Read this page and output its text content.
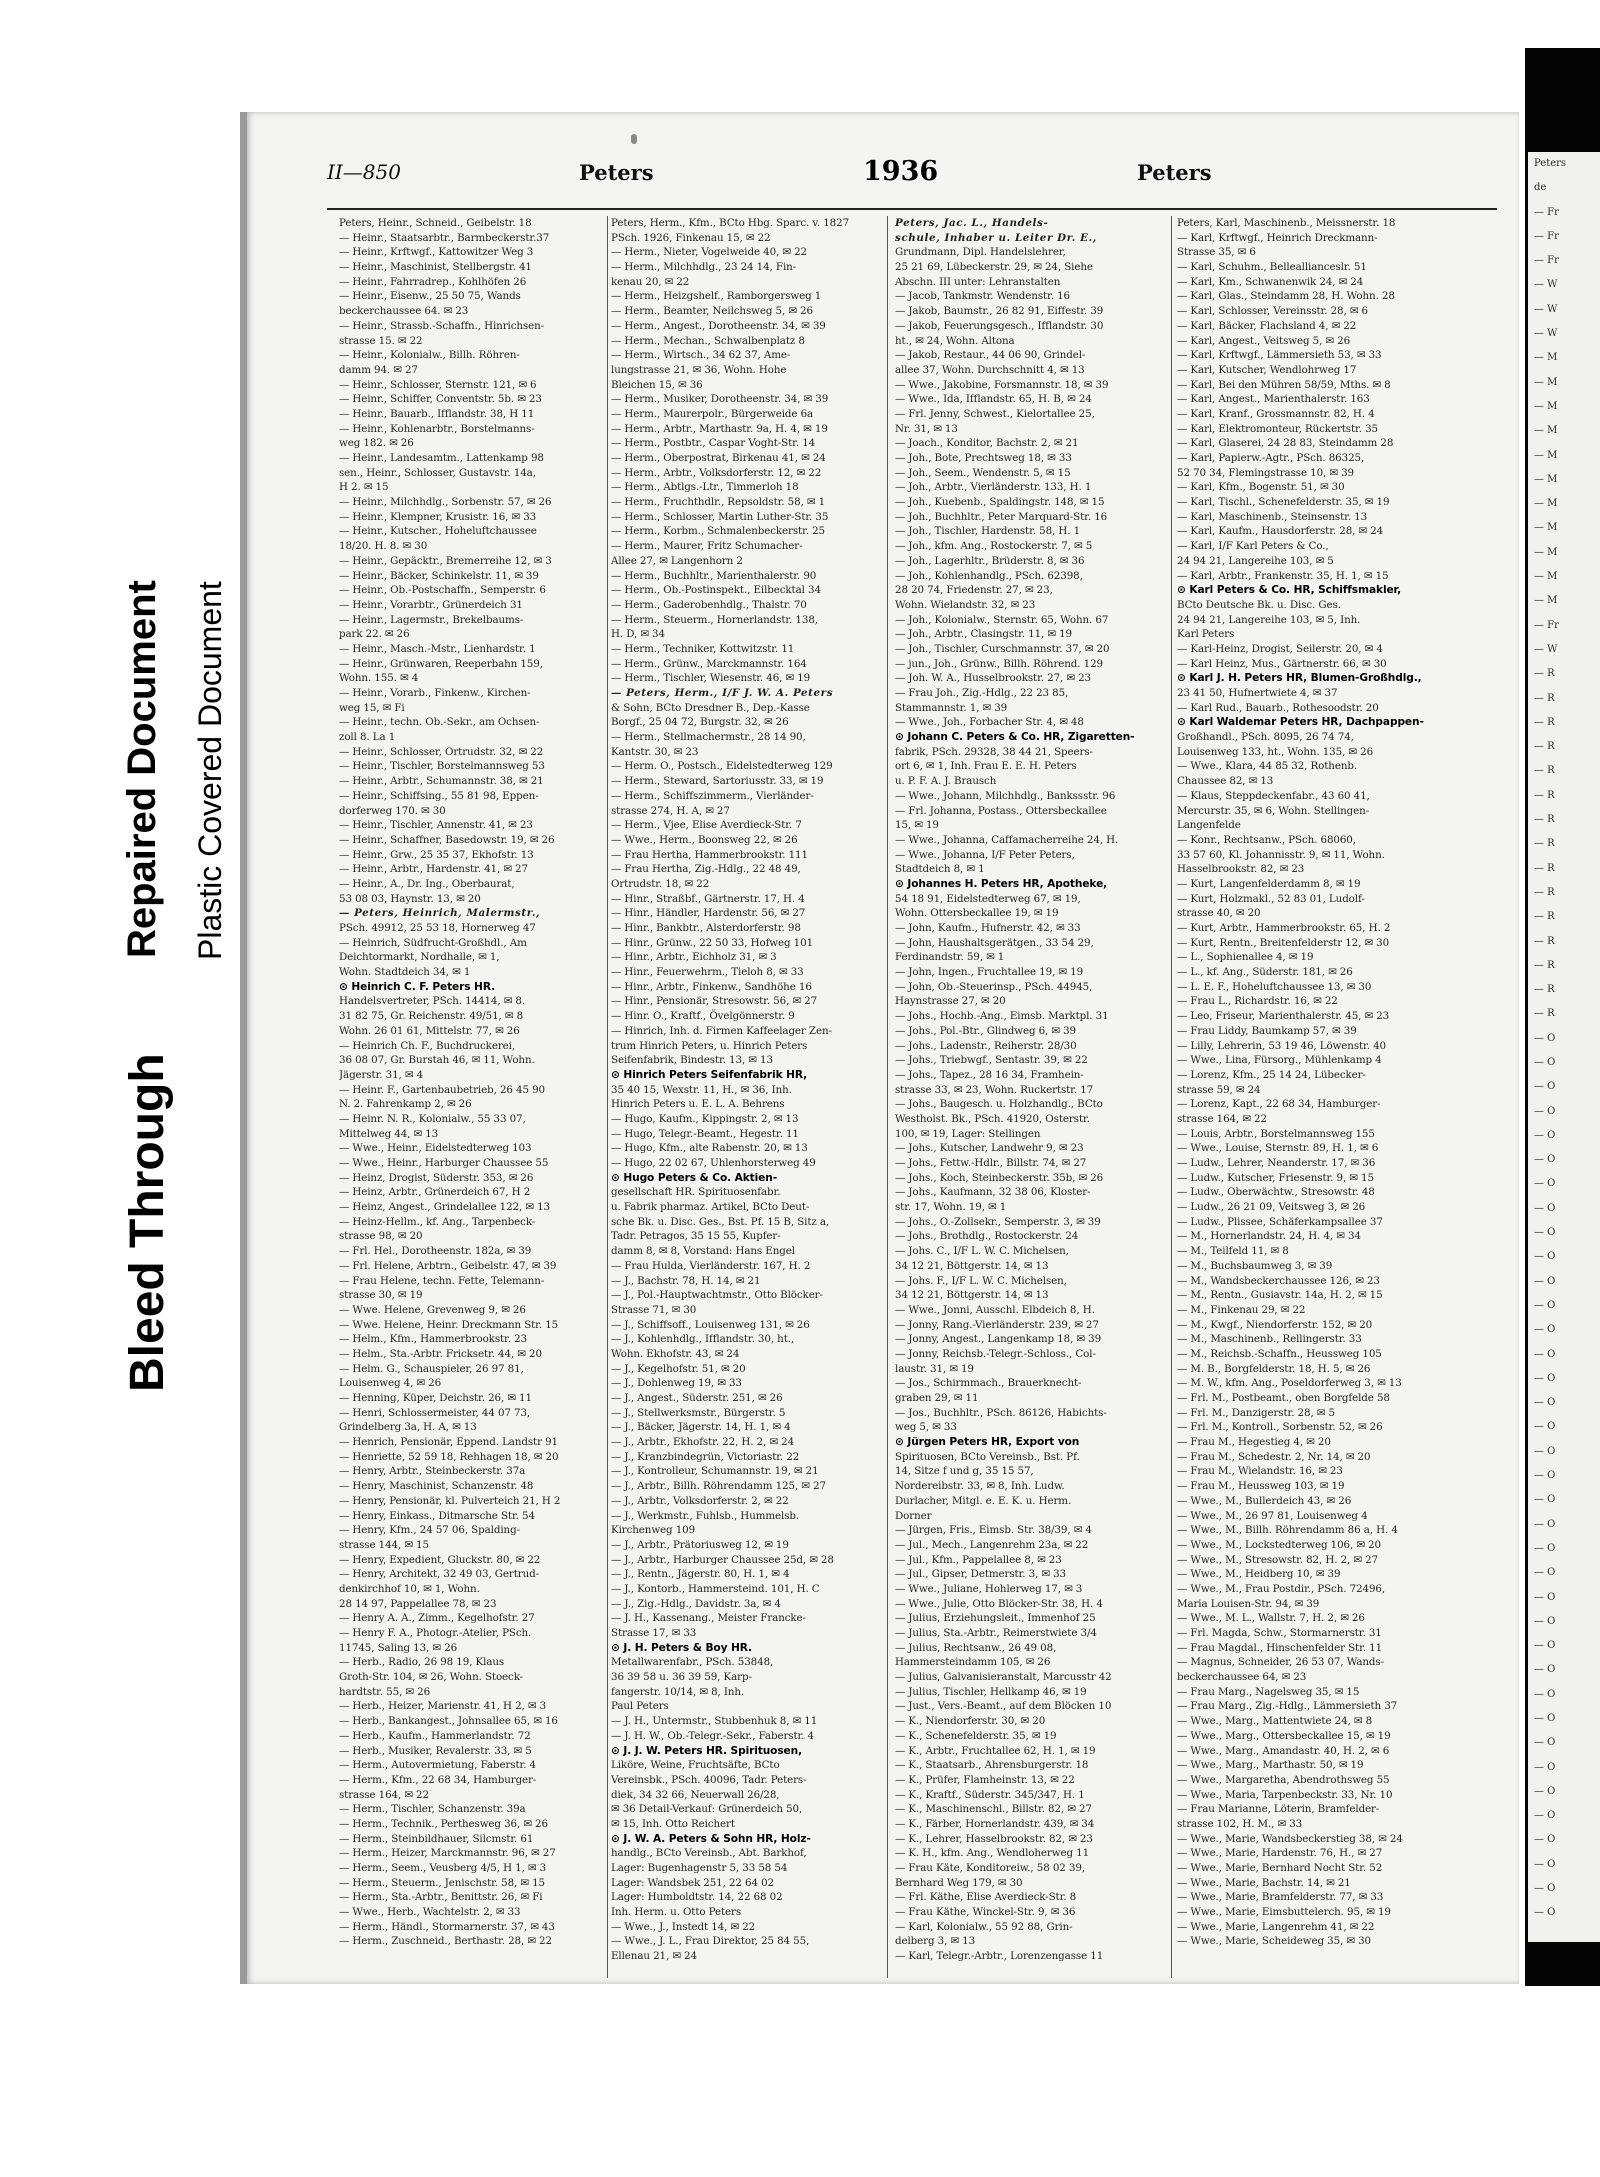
Bleed Through
Repaired Document Plastic Covered Document
II—850	Peters	1936	Peters
Peters, Heinr., Schneid., Geibelstr. 18
— Heinr., Staatsarbtr., Barmbeckerstr.37
— Heinr., Krftwgf., Kattowitzer Weg 3
— Heinr., Maschinist, Stellbergstr. 41
— Heinr., Fahrradrep., Kohlhöfen 26
— Heinr., Eisenw., 25 50 75, Wands
beckerchaussee 64. ✉ 23
— Heinr., Strassb.-Schaffn., Hinrichsen-
strasse 15. ✉ 22
— Heinr., Kolonialw., Billh. Röhren-
damm 94. ✉ 27
— Heinr., Schlosser, Sternstr. 121, ✉ 6
— Heinr., Schiffer, Conventstr. 5b. ✉ 23
— Heinr., Bauarb., Ifflandstr. 38, H 11
— Heinr., Kohlenarbtr., Borstelmanns-
weg 182. ✉ 26
— Heinr., Landesamtm., Lattenkamp 98
sen., Heinr., Schlosser, Gustavstr. 14a,
H 2. ✉ 15
— Heinr., Milchhdlg., Sorbenstr. 57, ✉ 26
— Heinr., Klempner, Krusistr. 16, ✉ 33
— Heinr., Kutscher., Hoheluftchaussee
18/20. H. 8. ✉ 30
— Heinr., Gepäcktr., Bremerreihe 12, ✉ 3
— Heinr., Bäcker, Schinkelstr. 11, ✉ 39
— Heinr., Ob.-Postschaffn., Semperstr. 6
— Heinr., Vorarbtr., Grünerdeich 31
— Heinr., Lagermstr., Brekelbaums-
park 22. ✉ 26
— Heinr., Masch.-Mstr., Lienhardstr. 1
— Heinr., Grünwaren, Reeperbahn 159,
Wohn. 155. ✉ 4
— Heinr., Vorarb., Finkenw., Kirchen-
weg 15, ✉ Fi
— Heinr., techn. Ob.-Sekr., am Ochsen-
zoll 8. La 1
— Heinr., Schlosser, Ortrudstr. 32, ✉ 22
— Heinr., Tischler, Borstelmannsweg 53
— Heinr., Arbtr., Schumannstr. 38, ✉ 21
— Heinr., Schiffsing., 55 81 98, Eppen-
dorferweg 170. ✉ 30
— Heinr., Tischler, Annenstr. 41, ✉ 23
— Heinr., Schaffner, Basedowstr. 19, ✉ 26
— Heinr., Grw., 25 35 37, Ekhofstr. 13
— Heinr., Arbtr., Hardenstr. 41, ✉ 27
— Heinr., A., Dr. Ing., Oberbaurat,
53 08 03, Haynstr. 13, ✉ 20
— Peters, Heinrich, Malermstr.,
PSch. 49912, 25 53 18, Hornerweg 47
— Heinrich, Südfrucht-Großhdl., Am
Deichtormarkt, Nordhalle, ✉ 1,
Wohn. Stadtdeich 34, ✉ 1
⊙ Heinrich C. F. Peters HR.
Handelsvertreter, PSch. 14414, ✉ 8.
31 82 75, Gr. Reichenstr. 49/51, ✉ 8
Wohn. 26 01 61, Mittelstr. 77, ✉ 26
— Heinrich Ch. F., Buchdruckerei,
36 08 07, Gr. Burstah 46, ✉ 11, Wohn.
Jägerstr. 31, ✉ 4
— Heinr. F., Gartenbaubetrieb, 26 45 90
N. 2. Fahrenkamp 2, ✉ 26
— Heinr. N. R., Kolonialw., 55 33 07,
Mittelweg 44, ✉ 13
— Wwe., Heinr., Eidelstedterweg 103
— Wwe., Heinr., Harburger Chaussee 55
— Heinz, Drogist, Süderstr. 353, ✉ 26
— Heinz, Arbtr., Grünerdeich 67, H 2
— Heinz, Angest., Grindelallee 122, ✉ 13
— Heinz-Hellm., kf. Ang., Tarpenbeck-
strasse 98, ✉ 20
— Frl. Hel., Dorotheenstr. 182a, ✉ 39
— Frl. Helene, Arbtrn., Geibelstr. 47, ✉ 39
— Frau Helene, techn. Fette, Telemann-
strasse 30, ✉ 19
— Wwe. Helene, Grevenweg 9, ✉ 26
— Wwe. Helene, Heinr. Dreckmann Str. 15
— Helm., Kfm., Hammerbrookstr. 23
— Helm., Sta.-Arbtr. Fricksetr. 44, ✉ 20
— Helm. G., Schauspieler, 26 97 81,
Louisenweg 4, ✉ 26
— Henning, Küper, Deichstr. 26, ✉ 11
— Henri, Schlossermeister, 44 07 73,
Grindelberg 3a, H. A, ✉ 13
— Henrich, Pensionär, Eppend. Landstr 91
— Henriette, 52 59 18, Rehhagen 18, ✉ 20
— Henry, Arbtr., Steinbeckerstr. 37a
— Henry, Maschinist, Schanzenstr. 48
— Henry, Pensionär, kl. Pulverteich 21, H 2
— Henry, Einkass., Ditmarsche Str. 54
— Henry, Kfm., 24 57 06, Spalding-
strasse 144, ✉ 15
— Henry, Expedient, Gluckstr. 80, ✉ 22
— Henry, Architekt, 32 49 03, Gertrud-
denkirchhof 10, ✉ 1, Wohn.
28 14 97, Pappelallee 78, ✉ 23
— Henry A. A., Zimm., Kegelhofstr. 27
— Henry F. A., Photogr.-Atelier, PSch.
11745, Saling 13, ✉ 26
— Herb., Radio, 26 98 19, Klaus
Groth-Str. 104, ✉ 26, Wohn. Stoeck-
hardtstr. 55, ✉ 26
— Herb., Heizer, Marienstr. 41, H 2, ✉ 3
— Herb., Bankangest., Johnsallee 65, ✉ 16
— Herb., Kaufm., Hammerlandstr. 72
— Herb., Musiker, Revalerstr. 33, ✉ 5
— Herm., Autovermietung, Faberstr. 4
— Herm., Kfm., 22 68 34, Hamburger-
strasse 164, ✉ 22
— Herm., Tischler, Schanzenstr. 39a
— Herm., Technik., Perthesweg 36, ✉ 26
— Herm., Steinbildhauer, Silcmstr. 61
— Herm., Heizer, Marckmannstr. 96, ✉ 27
— Herm., Seem., Veusberg 4/5, H 1, ✉ 3
— Herm., Steuerm., Jenischstr. 58, ✉ 15
— Herm., Sta.-Arbtr., Benittstr. 26, ✉ Fi
— Wwe., Herb., Wachtelstr. 2, ✉ 33
— Herm., Händl., Stormarnerstr. 37, ✉ 43
— Herm., Zuschneid., Berthastr. 28, ✉ 22
Peters, Herm., Kfm., BCto Hbg. Sparc. v. 1827
PSch. 1926, Finkenau 15, ✉ 22
— Herm., Nieter, Vogelweide 40, ✉ 22
— Herm., Milchhdlg., 23 24 14, Fin-
kenau 20, ✉ 22
— Herm., Heizgshelf., Ramborgersweg 1
— Herm., Beamter, Neilchsweg 5, ✉ 26
— Herm., Angest., Dorotheenstr. 34, ✉ 39
— Herm., Mechan., Schwalbenplatz 8
— Herm., Wirtsch., 34 62 37, Ame-
lungstrasse 21, ✉ 36, Wohn. Hohe
Bleichen 15, ✉ 36
— Herm., Musiker, Dorotheenstr. 34, ✉ 39
— Herm., Maurerpolr., Bürgerweide 6a
— Herm., Arbtr., Marthastr. 9a, H. 4, ✉ 19
— Herm., Postbtr., Caspar Voght-Str. 14
— Herm., Oberpostrat, Birkenau 41, ✉ 24
— Herm., Arbtr., Volksdorferstr. 12, ✉ 22
— Herm., Abtlgs.-Ltr., Timmerloh 18
— Herm., Fruchthdlr., Repsoldstr. 58, ✉ 1
— Herm., Schlosser, Martin Luther-Str. 35
— Herm., Korbm., Schmalenbeckerstr. 25
— Herm., Maurer, Fritz Schumacher-
Allee 27, ✉ Langenhorn 2
— Herm., Buchhltr., Marienthalerstr. 90
— Herm., Ob.-Postinspekt., Eilbecktal 34
— Herm., Gaderobenhdlg., Thalstr. 70
— Herm., Steuerm., Hornerlandstr. 138,
H. D, ✉ 34
— Herm., Techniker, Kottwitzstr. 11
— Herm., Grünw., Marckmannstr. 164
— Herm., Tischler, Wiesenstr. 46, ✉ 19
— Peters, Herm., I/F J. W. A. Peters
& Sohn, BCto Dresdner B., Dep.-Kasse
Borgf., 25 04 72, Burgstr. 32, ✉ 26
— Herm., Stellmachermstr., 28 14 90,
Kantstr. 30, ✉ 23
— Herm. O., Postsch., Eidelstedterweg 129
— Herm., Steward, Sartoriusstr. 33, ✉ 19
— Herm., Schiffszimmerm., Vierländer-
strasse 274, H. A, ✉ 27
— Herm., Vjee, Elise Averdieck-Str. 7
— Wwe., Herm., Boonsweg 22, ✉ 26
— Frau Hertha, Hammerbrookstr. 111
— Frau Hertha, Zig.-Hdlg., 22 48 49,
Ortrudstr. 18, ✉ 22
— Hinr., Straßbf., Gärtnerstr. 17, H. 4
— Hinr., Händler, Hardenstr. 56, ✉ 27
— Hinr., Bankbtr., Alsterdorferstr. 98
— Hinr., Grünw., 22 50 33, Hofweg 101
— Hinr., Arbtr., Eichholz 31, ✉ 3
— Hinr., Feuerwehrm., Tieloh 8, ✉ 33
— Hinr., Arbtr., Finkenw., Sandhöhe 16
— Hinr., Pensionär, Stresowstr. 56, ✉ 27
— Hinr. O., Kraftf., Övelgönnerstr. 9
— Hinrich, Inh. d. Firmen Kaffeelager Zen-
trum Hinrich Peters, u. Hinrich Peters
Seifenfabrik, Bindestr. 13, ✉ 13
⊙ Hinrich Peters Seifenfabrik HR,
35 40 15, Wexstr. 11, H., ✉ 36, Inh.
Hinrich Peters u. E. L. A. Behrens
— Hugo, Kaufm., Kippingstr. 2, ✉ 13
— Hugo, Telegr.-Beamt., Hegestr. 11
— Hugo, Kfm., alte Rabenstr. 20, ✉ 13
— Hugo, 22 02 67, Uhlenhorsterweg 49
⊙ Hugo Peters & Co. Aktien-
gesellschaft HR. Spirituosenfabr.
u. Fabrik pharmaz. Artikel, BCto Deut-
sche Bk. u. Disc. Ges., Bst. Pf. 15 B, Sitz a,
Tadr. Petragos, 35 15 55, Kupfer-
damm 8, ✉ 8, Vorstand: Hans Engel
— Frau Hulda, Vierländerstr. 167, H. 2
— J., Bachstr. 78, H. 14, ✉ 21
— J., Pol.-Hauptwachtmstr., Otto Blöcker-
Strasse 71, ✉ 30
— J., Schiffsoff., Louisenweg 131, ✉ 26
— J., Kohlenhdlg., Ifflandstr. 30, ht.,
Wohn. Ekhofstr. 43, ✉ 24
— J., Kegelhofstr. 51, ✉ 20
— J., Dohlenweg 19, ✉ 33
— J., Angest., Süderstr. 251, ✉ 26
— J., Stellwerksmstr., Bürgerstr. 5
— J., Bäcker, Jägerstr. 14, H. 1, ✉ 4
— J., Arbtr., Ekhofstr. 22, H. 2, ✉ 24
— J., Kranzbindegrün, Victoriastr. 22
— J., Kontrolleur, Schumannstr. 19, ✉ 21
— J., Arbtr., Billh. Röhrendamm 125, ✉ 27
— J., Arbtr., Volksdorferstr. 2, ✉ 22
— J., Werkmstr., Fuhlsb., Hummelsb.
Kirchenweg 109
— J., Arbtr., Prätoriusweg 12, ✉ 19
— J., Arbtr., Harburger Chaussee 25d, ✉ 28
— J., Rentn., Jägerstr. 80, H. 1, ✉ 4
— J., Kontorb., Hammersteind. 101, H. C
— J., Zig.-Hdlg., Davidstr. 3a, ✉ 4
— J. H., Kassenang., Meister Francke-
Strasse 17, ✉ 33
⊙ J. H. Peters & Boy HR.
Metallwarenfabr., PSch. 53848,
36 39 58 u. 36 39 59, Karp-
fangerstr. 10/14, ✉ 8, Inh.
Paul Peters
— J. H., Untermstr., Stubbenhuk 8, ✉ 11
— J. H. W., Ob.-Telegr.-Sekr., Faberstr. 4
⊙ J. J. W. Peters HR. Spirituosen,
Liköre, Weine, Fruchtsäfte, BCto
Vereinsbk., PSch. 40096, Tadr. Peters-
diek, 34 32 66, Neuerwall 26/28,
✉ 36 Detail-Verkauf: Grünerdeich 50,
✉ 15, Inh. Otto Reichert
⊙ J. W. A. Peters & Sohn HR, Holz-
handlg., BCto Vereinsb., Abt. Barkhof,
Lager: Bugenhagenstr 5, 33 58 54
Lager: Wandsbek 251, 22 64 02
Lager: Humboldtstr. 14, 22 68 02
Inh. Herm. u. Otto Peters
— Wwe., J., Instedt 14, ✉ 22
— Wwe., J. L., Frau Direktor, 25 84 55,
Ellenau 21, ✉ 24
Peters, Jac. L., Handels-
schule, Inhaber u. Leiter Dr. E.,
Grundmann, Dipl. Handelslehrer,
25 21 69, Lübeckerstr. 29, ✉ 24, Siehe
Abschn. III unter: Lehranstalten
— Jacob, Tankmstr. Wendenstr. 16
— Jakob, Baumstr., 26 82 91, Eiffestr. 39
— Jakob, Feuerungsgesch., Ifflandstr. 30
ht., ✉ 24, Wohn. Altona
— Jakob, Restaur., 44 06 90, Grindel-
allee 37, Wohn. Durchschnitt 4, ✉ 13
— Wwe., Jakobine, Forsmannstr. 18, ✉ 39
— Wwe., Ida, Ifflandstr. 65, H. B, ✉ 24
— Frl. Jenny, Schwest., Kielortallee 25,
Nr. 31, ✉ 13
— Joach., Konditor, Bachstr. 2, ✉ 21
— Joh., Bote, Prechtsweg 18, ✉ 33
— Joh., Seem., Wendenstr. 5, ✉ 15
— Joh., Arbtr., Vierländerstr. 133, H. 1
— Joh., Kuebenb., Spaldingstr. 148, ✉ 15
— Joh., Buchhltr., Peter Marquard-Str. 16
— Joh., Tischler, Hardenstr. 58, H. 1
— Joh., kfm. Ang., Rostockerstr. 7, ✉ 5
— Joh., Lagerhltr., Brüderstr. 8, ✉ 36
— Joh., Kohlenhandlg., PSch. 62398,
28 20 74, Friedenstr. 27, ✉ 23,
Wohn. Wielandstr. 32, ✉ 23
— Joh., Kolonialw., Sternstr. 65, Wohn. 67
— Joh., Arbtr., Clasingstr. 11, ✉ 19
— Joh., Tischler, Curschmannstr. 37, ✉ 20
— jun., Joh., Grünw., Billh. Röhrend. 129
— Joh. W. A., Husselbrookstr. 27, ✉ 23
— Frau Joh., Zig.-Hdlg., 22 23 85,
Stammannstr. 1, ✉ 39
— Wwe., Joh., Forbacher Str. 4, ✉ 48
⊙ Johann C. Peters & Co. HR, Zigaretten-
fabrik, PSch. 29328, 38 44 21, Speers-
ort 6, ✉ 1, Inh. Frau E. E. H. Peters
u. P. F. A. J. Brausch
— Wwe., Johann, Milchhdlg., Bankssstr. 96
— Frl. Johanna, Postass., Ottersbeckallee
15, ✉ 19
— Wwe., Johanna, Caffamacherreihe 24, H.
— Wwe., Johanna, I/F Peter Peters,
Stadtdeich 8, ✉ 1
⊙ Johannes H. Peters HR, Apotheke,
54 18 91, Eidelstedterweg 67, ✉ 19,
Wohn. Ottersbeckallee 19, ✉ 19
— John, Kaufm., Hufnerstr. 42, ✉ 33
— John, Haushaltsgerätgen., 33 54 29,
Ferdinandstr. 59, ✉ 1
— John, Ingen., Fruchtallee 19, ✉ 19
— John, Ob.-Steuerinsp., PSch. 44945,
Haynstrasse 27, ✉ 20
— Johs., Hochb.-Ang., Eimsb. Marktpl. 31
— Johs., Pol.-Btr., Glindweg 6, ✉ 39
— Johs., Ladenstr., Reiherstr. 28/30
— Johs., Triebwgf., Sentastr. 39, ✉ 22
— Johs., Tapez., 28 16 34, Framhein-
strasse 33, ✉ 23, Wohn. Ruckertstr. 17
— Johs., Baugesch. u. Holzhandlg., BCto
Westholst. Bk., PSch. 41920, Osterstr.
100, ✉ 19, Lager: Stellingen
— Johs., Kutscher, Landwehr 9, ✉ 23
— Johs., Fettw.-Hdlr., Billstr. 74, ✉ 27
— Johs., Koch, Steinbeckerstr. 35b, ✉ 26
— Johs., Kaufmann, 32 38 06, Kloster-
str. 17, Wohn. 19, ✉ 1
— Johs., O.-Zollsekr., Semperstr. 3, ✉ 39
— Johs., Brothdlg., Rostockerstr. 24
— Johs. C., I/F L. W. C. Michelsen,
34 12 21, Böttgerstr. 14, ✉ 13
— Johs. F., I/F L. W. C. Michelsen,
34 12 21, Böttgerstr. 14, ✉ 13
— Wwe., Jonni, Ausschl. Elbdeich 8, H.
— Jonny, Rang.-Vierländerstr. 239, ✉ 27
— Jonny, Angest., Langenkamp 18, ✉ 39
— Jonny, Reichsb.-Telegr.-Schloss., Col-
laustr. 31, ✉ 19
— Jos., Schirmmach., Brauerknecht-
graben 29, ✉ 11
— Jos., Buchhltr., PSch. 86126, Habichts-
weg 5, ✉ 33
⊙ Jürgen Peters HR, Export von
Spirituosen, BCto Vereinsb., Bst. Pf.
14, Sitze f und g, 35 15 57,
Nordereibstr. 33, ✉ 8, Inh. Ludw.
Durlacher, Mitgl. e. E. K. u. Herm.
Dorner
— Jürgen, Fris., Eimsb. Str. 38/39, ✉ 4
— Jul., Mech., Langenrehm 23a, ✉ 22
— Jul., Kfm., Pappelallee 8, ✉ 23
— Jul., Gipser, Detmerstr. 3, ✉ 33
— Wwe., Juliane, Hohlerweg 17, ✉ 3
— Wwe., Julie, Otto Blöcker-Str. 38, H. 4
— Julius, Erziehungsleit., Immenhof 25
— Julius, Sta.-Arbtr., Reimerstwiete 3/4
— Julius, Rechtsanw., 26 49 08,
Hammersteindamm 105, ✉ 26
— Julius, Galvanisieranstalt, Marcusstr 42
— Julius, Tischler, Hellkamp 46, ✉ 19
— Just., Vers.-Beamt., auf dem Blöcken 10
— K., Niendorferstr. 30, ✉ 20
— K., Schenefelderstr. 35, ✉ 19
— K., Arbtr., Fruchtallee 62, H. 1, ✉ 19
— K., Staatsarb., Ahrensburgerstr. 18
— K., Prüfer, Flamheinstr. 13, ✉ 22
— K., Kraftf., Süderstr. 345/347, H. 1
— K., Maschinenschl., Billstr. 82, ✉ 27
— K., Färber, Hornerlandstr. 439, ✉ 34
— K., Lehrer, Hasselbrookstr. 82, ✉ 23
— K. H., kfm. Ang., Wendloherweg 11
— Frau Käte, Konditoreiw., 58 02 39,
Bernhard Weg 179, ✉ 30
— Frl. Käthe, Elise Averdieck-Str. 8
— Frau Käthe, Winckel-Str. 9, ✉ 36
— Karl, Kolonialw., 55 92 88, Grin-
delberg 3, ✉ 13
— Karl, Telegr.-Arbtr., Lorenzengasse 11
Peters, Karl, Maschinenb., Meissnerstr. 18
— Karl, Krftwgf., Heinrich Dreckmann-
Strasse 35, ✉ 6
— Karl, Schuhm., Belleallianceslr. 51
— Karl, Km., Schwanenwik 24, ✉ 24
— Karl, Glas., Steindamm 28, H. Wohn. 28
— Karl, Schlosser, Vereinsstr. 28, ✉ 6
— Karl, Bäcker, Flachsland 4, ✉ 22
— Karl, Angest., Veitsweg 5, ✉ 26
— Karl, Krftwgf., Lämmersieth 53, ✉ 33
— Karl, Kutscher, Wendlohrweg 17
— Karl, Bei den Mühren 58/59, Mths. ✉ 8
— Karl, Angest., Marienthalerstr. 163
— Karl, Kranf., Grossmannstr. 82, H. 4
— Karl, Elektromonteur, Rückertstr. 35
— Karl, Glaserei, 24 28 83, Steindamm 28
— Karl, Papierw.-Agtr., PSch. 86325,
52 70 34, Flemingstrasse 10, ✉ 39
— Karl, Kfm., Bogenstr. 51, ✉ 30
— Karl, Tischl., Schenefelderstr. 35, ✉ 19
— Karl, Maschinenb., Steinsenstr. 13
— Karl, Kaufm., Hausdorferstr. 28, ✉ 24
— Karl, I/F Karl Peters & Co.,
24 94 21, Langereihe 103, ✉ 5
— Karl, Arbtr., Frankenstr. 35, H. 1, ✉ 15
⊙ Karl Peters & Co. HR, Schiffsmakler,
BCto Deutsche Bk. u. Disc. Ges.
24 94 21, Langereihe 103, ✉ 5, Inh.
Karl Peters
— Karl-Heinz, Drogist, Seilerstr. 20, ✉ 4
— Karl Heinz, Mus., Gärtnerstr. 66, ✉ 30
⊙ Karl J. H. Peters HR, Blumen-Großhdlg.,
23 41 50, Hufnertwiete 4, ✉ 37
— Karl Rud., Bauarb., Rothesoodstr. 20
⊙ Karl Waldemar Peters HR, Dachpappen-
Großhandl., PSch. 8095, 26 74 74,
Louisenweg 133, ht., Wohn. 135, ✉ 26
— Wwe., Klara, 44 85 32, Rothenb.
Chaussee 82, ✉ 13
— Klaus, Steppdeckenfabr., 43 60 41,
Mercurstr. 35, ✉ 6, Wohn. Stellingen-
Langenfelde
— Konr., Rechtsanw., PSch. 68060,
33 57 60, Kl. Johannisstr. 9, ✉ 11, Wohn.
Hasselbrookstr. 82, ✉ 23
— Kurt, Langenfelderdamm 8, ✉ 19
— Kurt, Holzmakl., 52 83 01, Ludolf-
strasse 40, ✉ 20
— Kurt, Arbtr., Hammerbrookstr. 65, H. 2
— Kurt, Rentn., Breitenfelderstr 12, ✉ 30
— L., Sophienallee 4, ✉ 19
— L., kf. Ang., Süderstr. 181, ✉ 26
— L. E. F., Hoheluftchaussee 13, ✉ 30
— Frau L., Richardstr. 16, ✉ 22
— Leo, Friseur, Marienthalerstr. 45, ✉ 23
— Frau Liddy, Baumkamp 57, ✉ 39
— Lilly, Lehrerin, 53 19 46, Löwenstr. 40
— Wwe., Lina, Fürsorg., Mühlenkamp 4
— Lorenz, Kfm., 25 14 24, Lübecker-
strasse 59, ✉ 24
— Lorenz, Kapt., 22 68 34, Hamburger-
strasse 164, ✉ 22
— Louis, Arbtr., Borstelmannsweg 155
— Wwe., Louise, Sternstr. 89, H. 1, ✉ 6
— Ludw., Lehrer, Neanderstr. 17, ✉ 36
— Ludw., Kutscher, Friesenstr. 9, ✉ 15
— Ludw., Oberwächtw., Stresowstr. 48
— Ludw., 26 21 09, Veitsweg 3, ✉ 26
— Ludw., Plissee, Schäferkampsallee 37
— M., Hornerlandstr. 24, H. 4, ✉ 34
— M., Teilfeld 11, ✉ 8
— M., Buchsbaumweg 3, ✉ 39
— M., Wandsbeckerchaussee 126, ✉ 23
— M., Rentn., Gusiavstr. 14a, H. 2, ✉ 15
— M., Finkenau 29, ✉ 22
— M., Kwgf., Niendorferstr. 152, ✉ 20
— M., Maschinenb., Rellingerstr. 33
— M., Reichsb.-Schaffn., Heussweg 105
— M. B., Borgfelderstr. 18, H. 5, ✉ 26
— M. W., kfm. Ang., Poseldorferweg 3, ✉ 13
— Frl. M., Postbeamt., oben Borgfelde 58
— Frl. M., Danzigerstr. 28, ✉ 5
— Frl. M., Kontroll., Sorbenstr. 52, ✉ 26
— Frau M., Hegestieg 4, ✉ 20
— Frau M., Schedestr. 2, Nr. 14, ✉ 20
— Frau M., Wielandstr. 16, ✉ 23
— Frau M., Heussweg 103, ✉ 19
— Wwe., M., Bullerdeich 43, ✉ 26
— Wwe., M., 26 97 81, Louisenweg 4
— Wwe., M., Billh. Röhrendamm 86 a, H. 4
— Wwe., M., Lockstedterweg 106, ✉ 20
— Wwe., M., Stresowstr. 82, H. 2, ✉ 27
— Wwe., M., Heidberg 10, ✉ 39
— Wwe., M., Frau Postdir., PSch. 72496,
Maria Louisen-Str. 94, ✉ 39
— Wwe., M. L., Wallstr. 7, H. 2, ✉ 26
— Frl. Magda, Schw., Stormarnerstr. 31
— Frau Magdal., Hinschenfelder Str. 11
— Magnus, Schneider, 26 53 07, Wands-
beckerchaussee 64, ✉ 23
— Frau Marg., Nagelsweg 35, ✉ 15
— Frau Marg., Zig.-Hdlg., Lämmersieth 37
— Wwe., Marg., Mattentwiete 24, ✉ 8
— Wwe., Marg., Ottersbeckallee 15, ✉ 19
— Wwe., Marg., Amandastr. 40, H. 2, ✉ 6
— Wwe., Marg., Marthastr. 50, ✉ 19
— Wwe., Margaretha, Abendrothsweg 55
— Wwe., Maria, Tarpenbeckstr. 33, Nr. 10
— Frau Marianne, Löterin, Bramfelder-
strasse 102, H. M., ✉ 33
— Wwe., Marie, Wandsbeckerstieg 38, ✉ 24
— Wwe., Marie, Hardenstr. 76, H., ✉ 27
— Wwe., Marie, Bernhard Nocht Str. 52
— Wwe., Marie, Bachstr. 14, ✉ 21
— Wwe., Marie, Bramfelderstr. 77, ✉ 33
— Wwe., Marie, Eimsbuttelerch. 95, ✉ 19
— Wwe., Marie, Langenrehm 41, ✉ 22
— Wwe., Marie, Scheideweg 35, ✉ 30
Peters
de
— Fr
— Fr
— Fr
— W
— W
— W
— M
— M
— M
— M
— M
— M
— M
— M
— M
— M
— M
— Fr
— W
— R
— R
— R
— R
— R
— R
— R
— R
— R
— R
— R
— R
— R
— R
— R
— O
— O
— O
— O
— O
— O
— O
— O
— O
— O
— O
— O
— O
— O
— O
— O
— O
— O
— O
— O
— O
— O
— O
— O
— O
— O
— O
— O
— O
— O
— O
— O
— O
— O
— O
— O
— O
